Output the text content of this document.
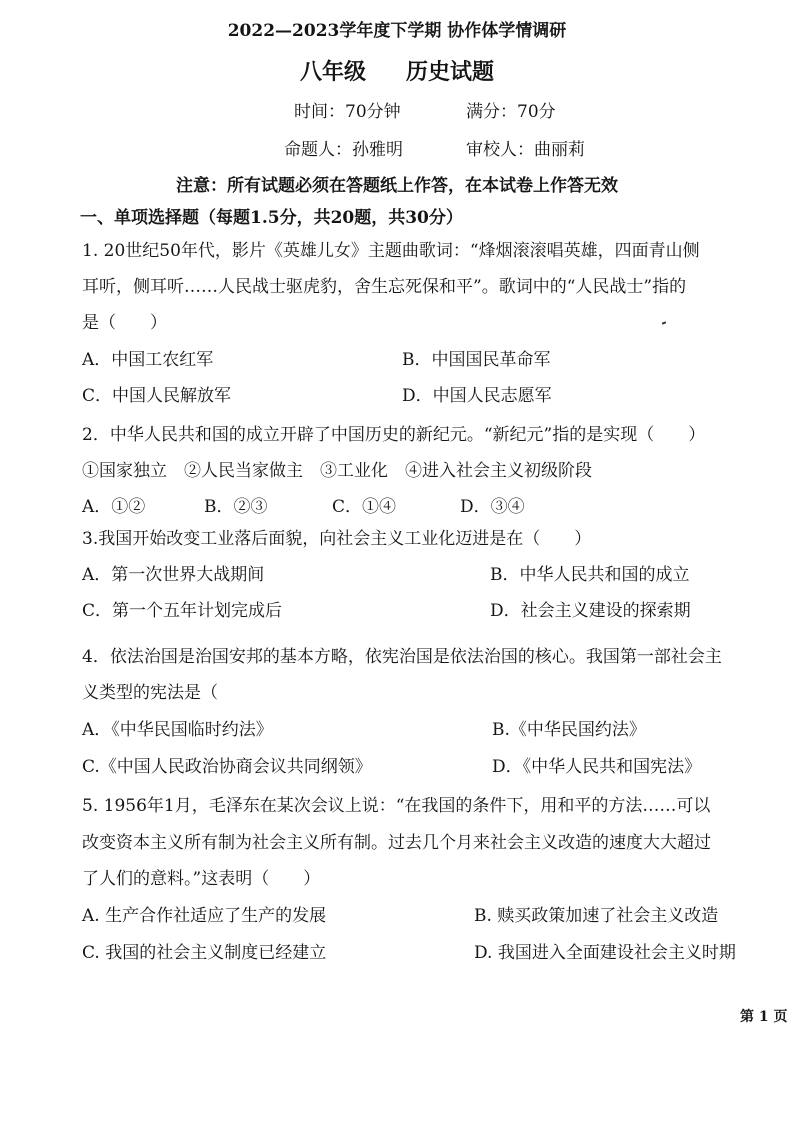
2022—2023学年度下学期 协作体学情调研
八年级 历史试题
时间：70分钟	满分：70分
命题人：孙雅明	审校人：曲丽莉
注意：所有试题必须在答题纸上作答，在本试卷上作答无效
一、单项选择题（每题1.5分，共20题，共30分）
1. 20世纪50年代，影片《英雄儿女》主题曲歌词：“烽烟滚滚唱英雄，四面青山侧
耳听，侧耳听……人民战士驱虎豹，舍生忘死保和平”。歌词中的“人民战士”指的
是（　　）
A．中国工农红军	B．中国国民革命军
C．中国人民解放军	D．中国人民志愿军
2．中华人民共和国的成立开辟了中国历史的新纪元。“新纪元”指的是实现（　　）
①国家独立　②人民当家做主　③工业化　④进入社会主义初级阶段
A．①②	B．②③	C．①④	D．③④
3.我国开始改变工业落后面貌，向社会主义工业化迈进是在（　　）
A．第一次世界大战期间	B．中华人民共和国的成立
C．第一个五年计划完成后	D．社会主义建设的探索期
4．依法治国是治国安邦的基本方略，依宪治国是依法治国的核心。我国第一部社会主
义类型的宪法是（
A．《中华民国临时约法》	B.《中华民国约法》
C.《中国人民政治协商会议共同纲领》	D．《中华人民共和国宪法》
5. 1956年1月，毛泽东在某次会议上说：“在我国的条件下，用和平的方法……可以
改变资本主义所有制为社会主义所有制。过去几个月来社会主义改造的速度大大超过
了人们的意料。”这表明（　　）
A. 生产合作社适应了生产的发展	B. 赎买政策加速了社会主义改造
C. 我国的社会主义制度已经建立	D. 我国进入全面建设社会主义时期
第 1 页
